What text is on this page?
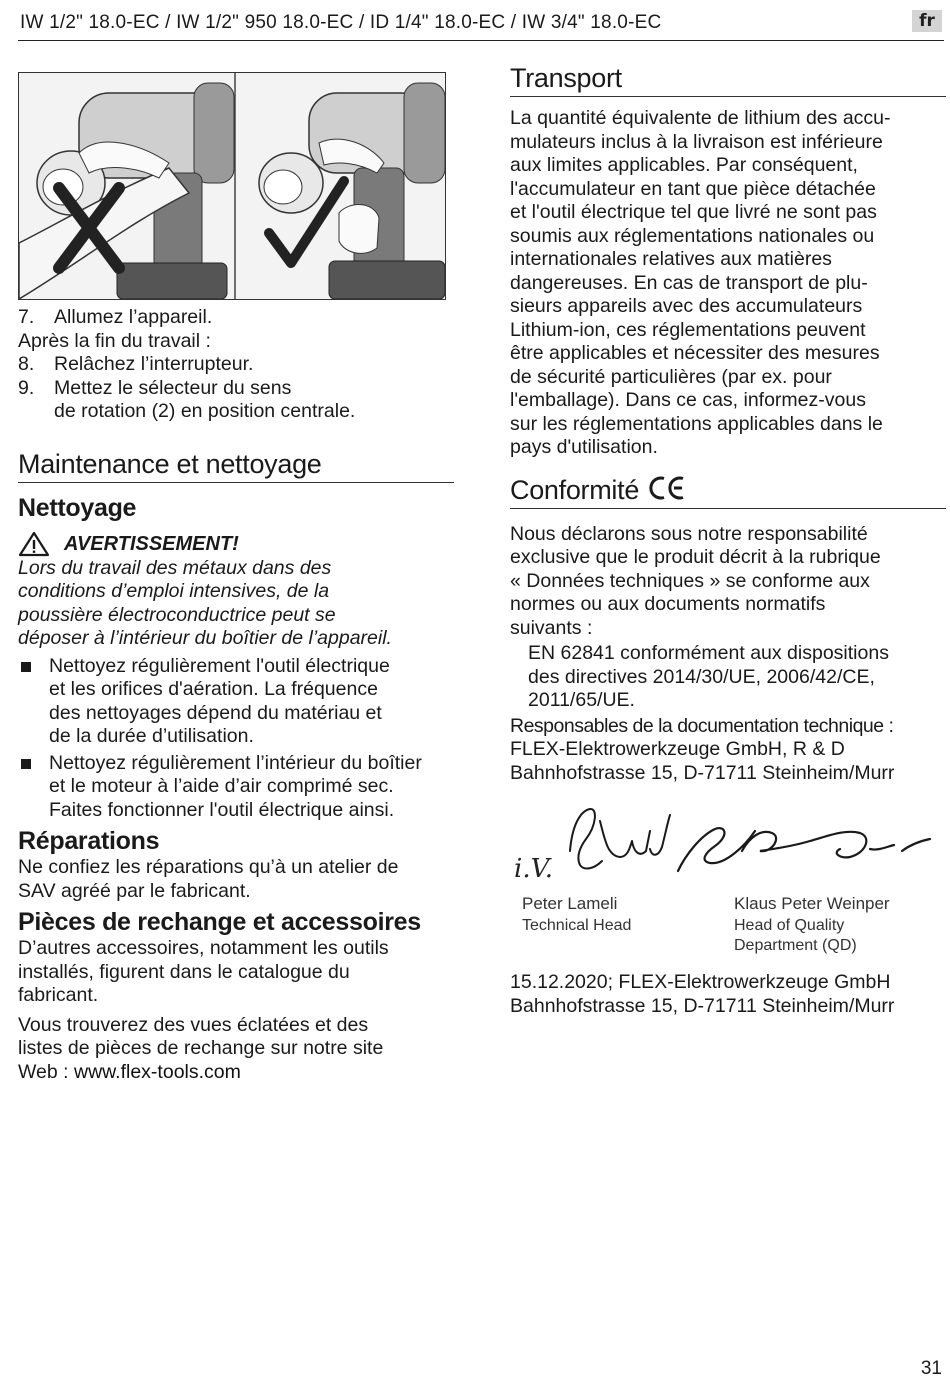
IW 1/2" 18.0-EC / IW 1/2" 950 18.0-EC / ID 1/4" 18.0-EC / IW 3/4" 18.0-EC	fr
7.	Allumez l’appareil.

Après la fin du travail :

8.	Relâchez l’interrupteur.
9.	Mettez le sélecteur du sens
de rotation (2) en position centrale.
Maintenance et nettoyage
Nettoyage
AVERTISSEMENT!

Lors du travail des métaux dans des

conditions d’emploi intensives, de la

poussière électroconductrice peut se

déposer à l’intérieur du boîtier de l’appareil.

Nettoyez régulièrement l'outil électrique

et les orifices d'aération. La fréquence

des nettoyages dépend du matériau et

de la durée d’utilisation.

Nettoyez régulièrement l’intérieur du boîtier

et le moteur à l’aide d’air comprimé sec.

Faites fonctionner l'outil électrique ainsi.

Réparations

Ne confiez les réparations qu’à un atelier de

SAV agréé par le fabricant.

Pièces de rechange et accessoires

D’autres accessoires, notamment les outils

installés, figurent dans le catalogue du

fabricant.

Vous trouverez des vues éclatées et des

listes de pièces de rechange sur notre site

Web : www.flex-tools.com

Transport

La quantité équivalente de lithium des accu-

mulateurs inclus à la livraison est inférieure

aux limites applicables. Par conséquent,

l'accumulateur en tant que pièce détachée

et l'outil électrique tel que livré ne sont pas

soumis aux réglementations nationales ou

internationales relatives aux matières

dangereuses. En cas de transport de plu-

sieurs appareils avec des accumulateurs

Lithium-ion, ces réglementations peuvent

être applicables et nécessiter des mesures

de sécurité particulières (par ex. pour

l'emballage). Dans ce cas, informez-vous

sur les réglementations applicables dans le

pays d'utilisation.

Conformité

Nous déclarons sous notre responsabilité

exclusive que le produit décrit à la rubrique

« Données techniques » se conforme aux

normes ou aux documents normatifs

suivants :

EN 62841 conformément aux dispositions

des directives 2014/30/UE, 2006/42/CE,

2011/65/UE.

Responsables de la documentation technique :

FLEX-Elektrowerkzeuge GmbH, R & D

Bahnhofstrasse 15, D-71711 Steinheim/Murr

i.V.
Peter Lameli
Technical Head
Klaus Peter Weinper
Head of Quality
Department (QD)

15.12.2020; FLEX-Elektrowerkzeuge GmbH

Bahnhofstrasse 15, D-71711 Steinheim/Murr

31
